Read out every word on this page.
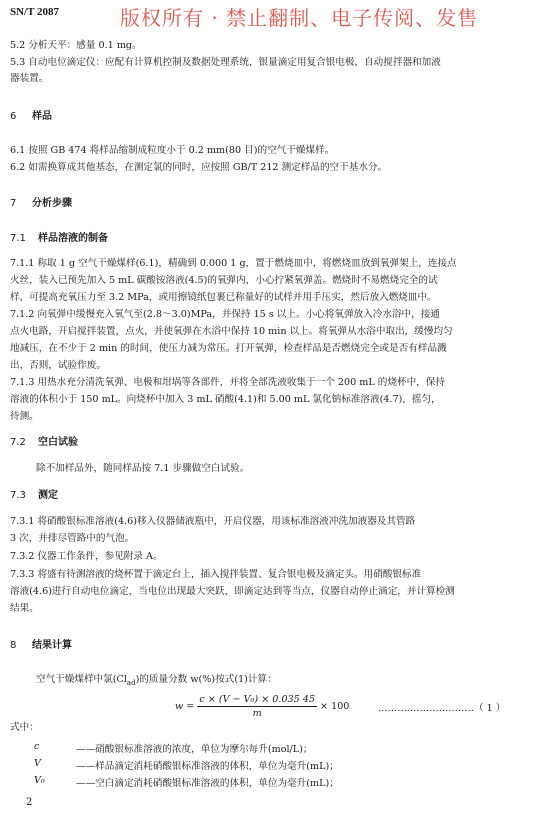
SN/T 2087	版权所有 · 禁止翻制、电子传阅、发售
5.2 分析天平：感量 0.1 mg。
5.3 自动电位滴定仪：应配有计算机控制及数据处理系统，银量滴定用复合银电极，自动搅拌器和加液
器装置。
6 样品
6.1 按照 GB 474 将样品缩制成粒度小于 0.2 mm(80 目)的空气干燥煤样。
6.2 如需换算成其他基态，在测定氯的同时，应按照 GB/T 212 测定样品的空干基水分。
7 分析步骤
7.1 样品溶液的制备
7.1.1 称取 1 g 空气干燥煤样(6.1)，精确到 0.000 1 g，置于燃烧皿中，将燃烧皿放到氧弹架上，连接点
火丝，装入已预先加入 5 mL 碳酸铵溶液(4.5)的氧弹内，小心拧紧氧弹盖。燃烧时不易燃烧完全的试
样，可提高充氧压力至 3.2 MPa，或用擦镜纸包裹已称量好的试样并用手压实，然后放入燃烧皿中。
7.1.2 向氧弹中缓慢充入氧气至(2.8～3.0)MPa，并保持 15 s 以上。小心将氧弹放入冷水浴中，接通
点火电路，开启搅拌装置，点火，并使氧弹在水浴中保持 10 min 以上。将氧弹从水浴中取出，缓慢均匀
地减压，在不少于 2 min 的时间，使压力减为常压。打开氧弹，检查样品是否燃烧完全或是否有样品溅
出，否则，试验作废。
7.1.3 用热水充分清洗氧弹、电极和坩埚等各部件，并将全部洗液收集于一个 200 mL 的烧杯中，保持
溶液的体积小于 150 mL。向烧杯中加入 3 mL 硝酸(4.1)和 5.00 mL 氯化钠标准溶液(4.7)，摇匀，
待测。
7.2 空白试验
除不加样品外，随同样品按 7.1 步骤做空白试验。
7.3 测定
7.3.1 将硝酸银标准溶液(4.6)移入仪器储液瓶中，开启仪器，用该标准溶液冲洗加液器及其管路
3 次，并排尽管路中的气泡。
7.3.2 仪器工作条件，参见附录 A。
7.3.3 将盛有待测溶液的烧杯置于滴定台上，插入搅拌装置、复合银电极及滴定头。用硝酸银标准
溶液(4.6)进行自动电位滴定，当电位出现最大突跃，即滴定达到等当点，仪器自动停止滴定，并计算检测
结果。
8 结果计算
空气干燥煤样中氯$(Cl_{ad})$的质量分数 w(%)按式(1)计算：
$w = \frac{\text{c × (V − V₀) × 0.035 45}}{m} \times 100$	…………………………（ 1 ）
式中：
c	——硝酸银标准溶液的浓度，单位为摩尔每升(mol/L)；
V	——样品滴定消耗硝酸银标准溶液的体积，单位为毫升(mL)；
V₀	——空白滴定消耗硝酸银标准溶液的体积，单位为毫升(mL)；
2
